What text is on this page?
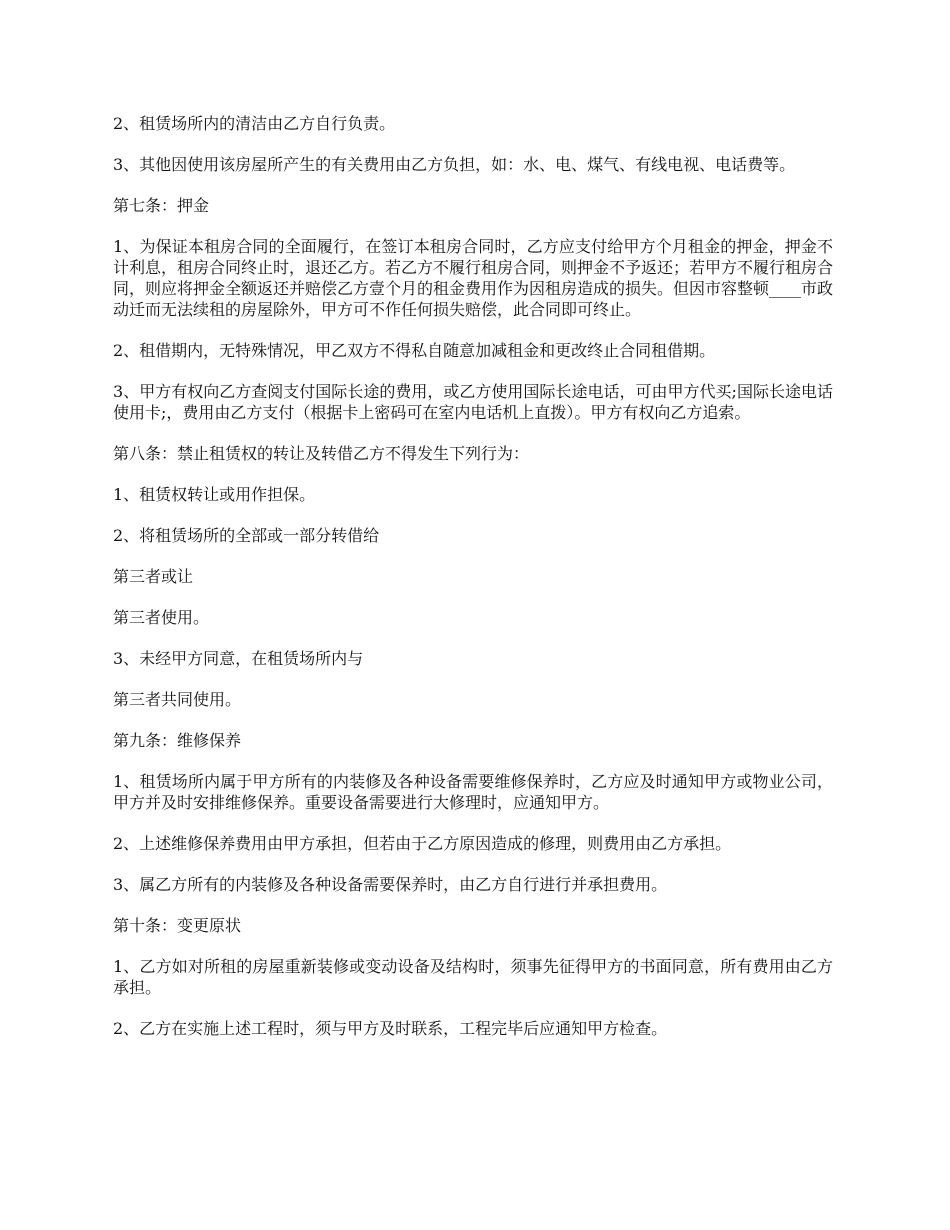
2、租赁场所内的清洁由乙方自行负责。

3、其他因使用该房屋所产生的有关费用由乙方负担，如：水、电、煤气、有线电视、电话费等。

第七条：押金

1、为保证本租房合同的全面履行，在签订本租房合同时，乙方应支付给甲方个月租金的押金，押金不计利息，租房合同终止时，退还乙方。若乙方不履行租房合同，则押金不予返还；若甲方不履行租房合同，则应将押金全额返还并赔偿乙方壹个月的租金费用作为因租房造成的损失。但因市容整顿____市政动迁而无法续租的房屋除外，甲方可不作任何损失赔偿，此合同即可终止。

2、租借期内，无特殊情况，甲乙双方不得私自随意加减租金和更改终止合同租借期。

3、甲方有权向乙方查阅支付国际长途的费用，或乙方使用国际长途电话，可由甲方代买;国际长途电话使用卡;，费用由乙方支付（根据卡上密码可在室内电话机上直拨）。甲方有权向乙方追索。

第八条：禁止租赁权的转让及转借乙方不得发生下列行为：

1、租赁权转让或用作担保。

2、将租赁场所的全部或一部分转借给

第三者或让

第三者使用。

3、未经甲方同意，在租赁场所内与

第三者共同使用。

第九条：维修保养

1、租赁场所内属于甲方所有的内装修及各种设备需要维修保养时，乙方应及时通知甲方或物业公司，甲方并及时安排维修保养。重要设备需要进行大修理时，应通知甲方。

2、上述维修保养费用由甲方承担，但若由于乙方原因造成的修理，则费用由乙方承担。

3、属乙方所有的内装修及各种设备需要保养时，由乙方自行进行并承担费用。

第十条：变更原状

1、乙方如对所租的房屋重新装修或变动设备及结构时，须事先征得甲方的书面同意，所有费用由乙方承担。

2、乙方在实施上述工程时，须与甲方及时联系，工程完毕后应通知甲方检查。
